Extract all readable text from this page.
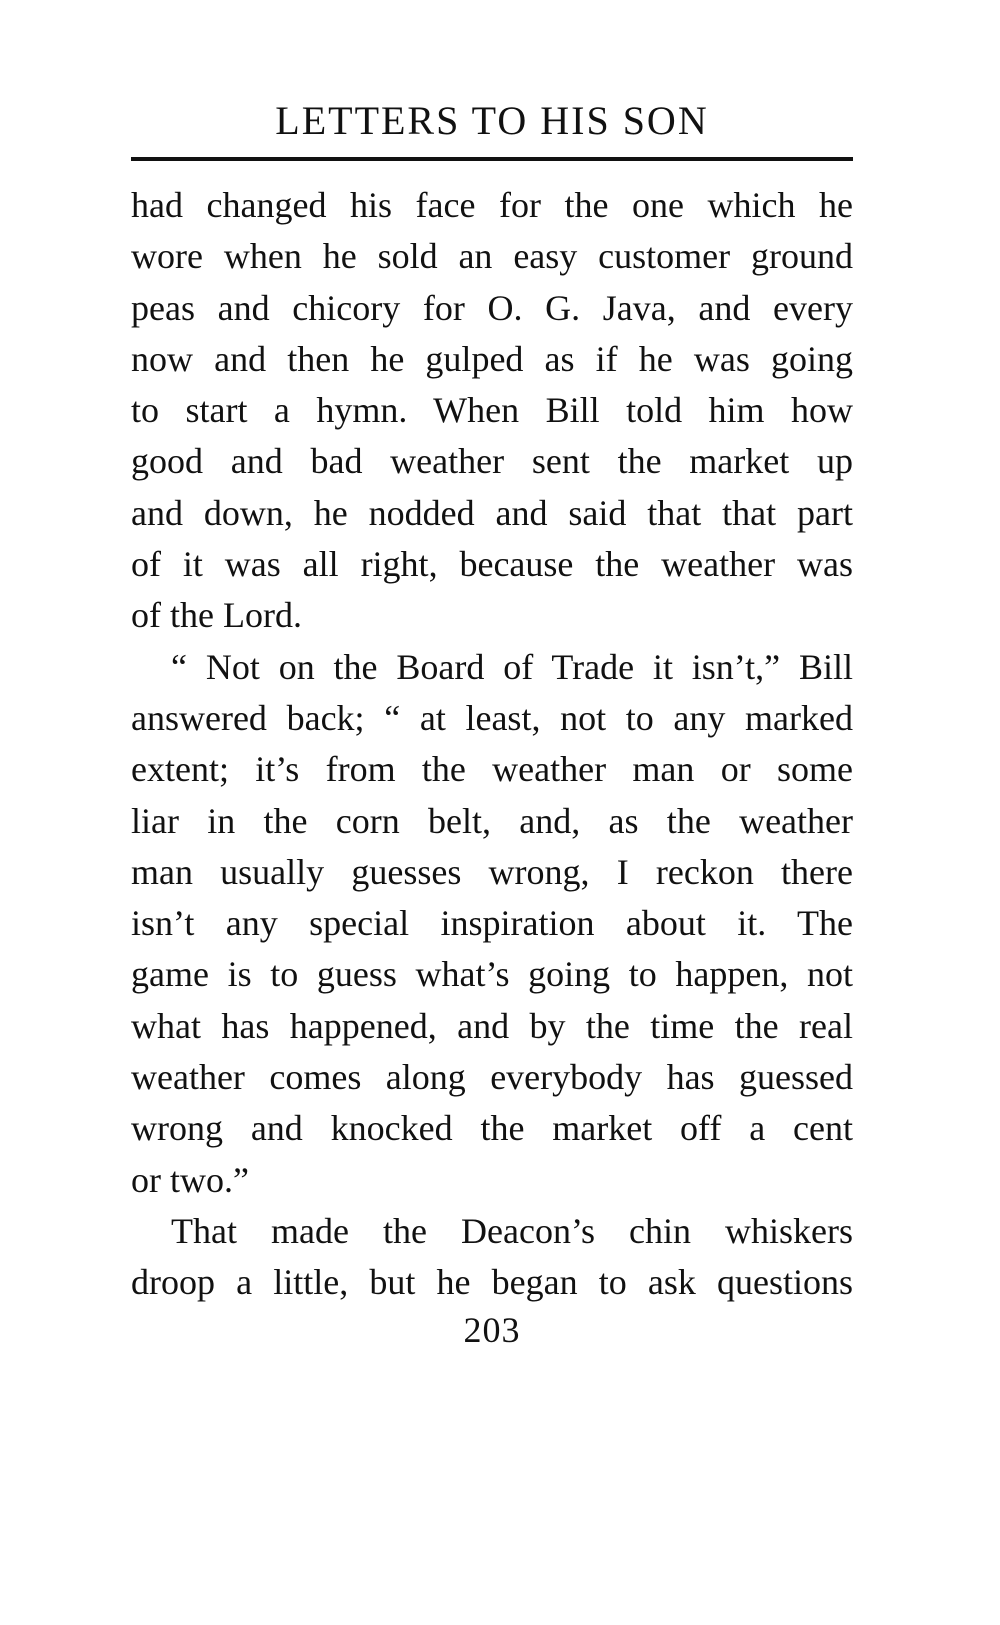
LETTERS TO HIS SON
had changed his face for the one which he
wore when he sold an easy customer ground
peas and chicory for O. G. Java, and every
now and then he gulped as if he was going
to start a hymn. When Bill told him how
good and bad weather sent the market up
and down, he nodded and said that that part
of it was all right, because the weather was
of the Lord.
“ Not on the Board of Trade it isn’t,” Bill
answered back; “ at least, not to any marked
extent; it’s from the weather man or some
liar in the corn belt, and, as the weather
man usually guesses wrong, I reckon there
isn’t any special inspiration about it. The
game is to guess what’s going to happen, not
what has happened, and by the time the real
weather comes along everybody has guessed
wrong and knocked the market off a cent
or two.”
That made the Deacon’s chin whiskers
droop a little, but he began to ask questions
203
